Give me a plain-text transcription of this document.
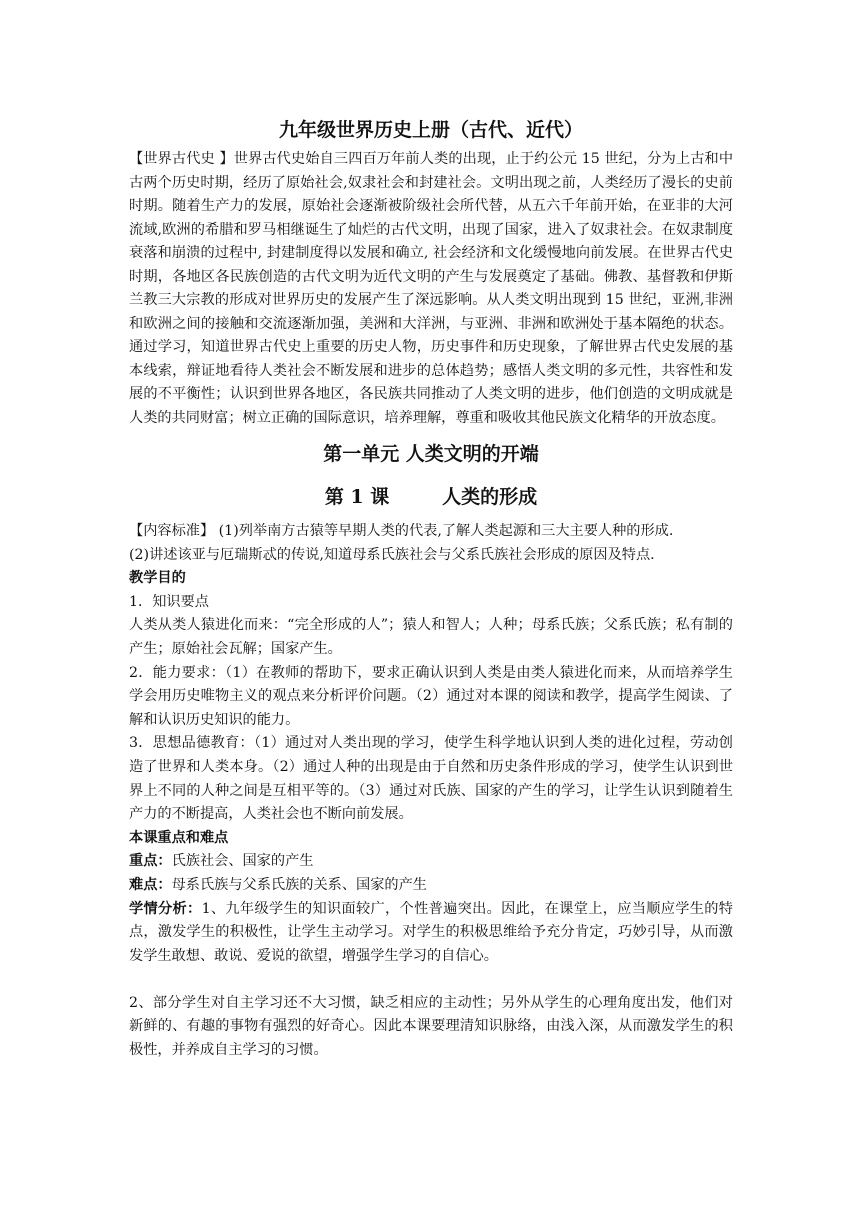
九年级世界历史上册（古代、近代）

【世界古代史 】世界古代史始自三四百万年前人类的出现，止于约公元 15 世纪，分为上古和中古两个历史时期，经历了原始社会,奴隶社会和封建社会。文明出现之前，人类经历了漫长的史前时期。随着生产力的发展，原始社会逐渐被阶级社会所代替，从五六千年前开始，在亚非的大河流域,欧洲的希腊和罗马相继诞生了灿烂的古代文明，出现了国家，进入了奴隶社会。在奴隶制度衰落和崩溃的过程中, 封建制度得以发展和确立, 社会经济和文化缓慢地向前发展。在世界古代史时期，各地区各民族创造的古代文明为近代文明的产生与发展奠定了基础。佛教、基督教和伊斯兰教三大宗教的形成对世界历史的发展产生了深远影响。从人类文明出现到 15 世纪，亚洲,非洲和欧洲之间的接触和交流逐渐加强，美洲和大洋洲，与亚洲、非洲和欧洲处于基本隔绝的状态。通过学习，知道世界古代史上重要的历史人物，历史事件和历史现象，了解世界古代史发展的基本线索，辩证地看待人类社会不断发展和进步的总体趋势；感悟人类文明的多元性，共容性和发展的不平衡性；认识到世界各地区，各民族共同推动了人类文明的进步，他们创造的文明成就是人类的共同财富；树立正确的国际意识，培养理解，尊重和吸收其他民族文化精华的开放态度。

第一单元 人类文明的开端

第 1 课        人类的形成

【内容标准】 (1)列举南方古猿等早期人类的代表,了解人类起源和三大主要人种的形成.

(2)讲述该亚与厄瑞斯忒的传说,知道母系氏族社会与父系氏族社会形成的原因及特点.

教学目的

1．知识要点

人类从类人猿进化而来：“完全形成的人”；猿人和智人；人种；母系氏族；父系氏族；私有制的产生；原始社会瓦解；国家产生。

2．能力要求：（1）在教师的帮助下，要求正确认识到人类是由类人猿进化而来，从而培养学生学会用历史唯物主义的观点来分析评价问题。（2）通过对本课的阅读和教学，提高学生阅读、了解和认识历史知识的能力。

3．思想品德教育：（1）通过对人类出现的学习，使学生科学地认识到人类的进化过程，劳动创造了世界和人类本身。（2）通过人种的出现是由于自然和历史条件形成的学习，使学生认识到世界上不同的人种之间是互相平等的。（3）通过对氏族、国家的产生的学习，让学生认识到随着生产力的不断提高，人类社会也不断向前发展。

本课重点和难点

重点：氏族社会、国家的产生

难点：母系氏族与父系氏族的关系、国家的产生

学情分析：1、九年级学生的知识面较广，个性普遍突出。因此，在课堂上，应当顺应学生的特点，激发学生的积极性，让学生主动学习。对学生的积极思维给予充分肯定，巧妙引导，从而激发学生敢想、敢说、爱说的欲望，增强学生学习的自信心。

2、部分学生对自主学习还不大习惯，缺乏相应的主动性；另外从学生的心理角度出发，他们对新鲜的、有趣的事物有强烈的好奇心。因此本课要理清知识脉络，由浅入深，从而激发学生的积极性，并养成自主学习的习惯。
